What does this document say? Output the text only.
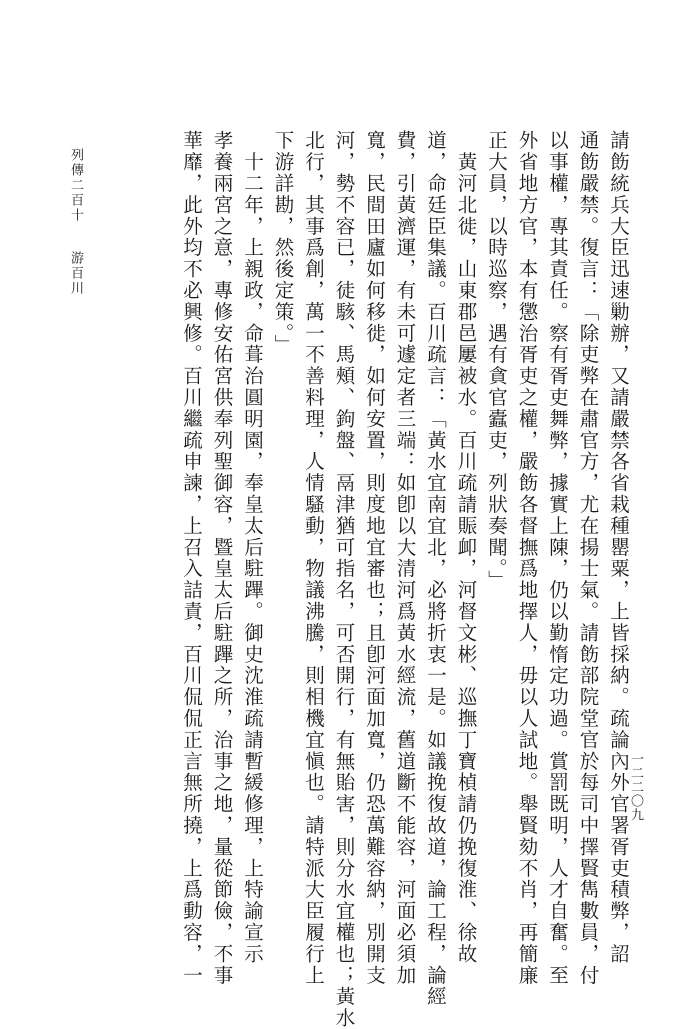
請飭統兵大臣迅速勦辦，又請嚴禁各省栽種罌粟，上皆採納。疏論內外官署胥吏積弊，詔
通飭嚴禁。復言：「除吏弊在肅官方，尤在揚士氣。請飭部院堂官於每司中擇賢雋數員，付
以事權，專其責任。察有胥吏舞弊，據實上陳，仍以勤惰定功過。賞罰既明，人才自奮。至
外省地方官，本有懲治胥吏之權，嚴飭各督撫爲地擇人，毋以人試地。舉賢劾不肖，再簡廉
正大員，以時巡察，遇有貪官蠹吏，列狀奏聞。」
　黃河北徙，山東郡邑屢被水。百川疏請賑卹，河督文彬、巡撫丁寶楨請仍挽復淮、徐故
道，命廷臣集議。百川疏言：「黃水宜南宜北，必將折衷一是。如議挽復故道，論工程，論經
費，引黃濟運，有未可遽定者三端：如卽以大清河爲黃水經流，舊道斷不能容，河面必須加
寬，民間田廬如何移徙，如何安置，則度地宜審也；且卽河面加寬，仍恐萬難容納，別開支
河，勢不容已，徒駭、馬頰、鉤盤、鬲津猶可指名，可否開行，有無貽害，則分水宜權也；黃水
北行，其事爲創，萬一不善料理，人情騷動，物議沸騰，則相機宜愼也。請特派大臣履行上
下游詳勘，然後定策。」
　十二年，上親政，命葺治圓明園，奉皇太后駐蹕。御史沈淮疏請暫緩修理，上特諭宣示
孝養兩宮之意，專修安佑宮供奉列聖御容，暨皇太后駐蹕之所，治事之地，量從節儉，不事
華靡，此外均不必興修。百川繼疏申諫，上召入詰責，百川侃侃正言無所撓，上爲動容，一
列傳二百十游百川
一二二〇九
